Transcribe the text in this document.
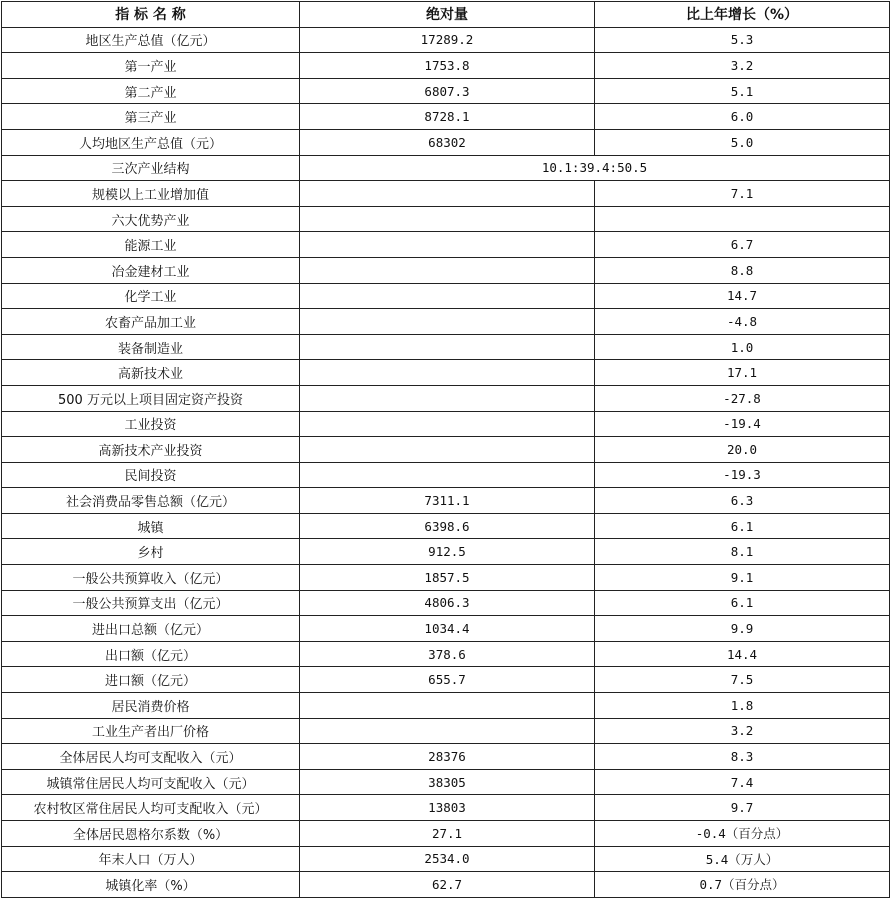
指 标 名 称	绝对量	比上年增长（%）
地区生产总值（亿元）	17289.2	5.3
第一产业	1753.8	3.2
第二产业	6807.3	5.1
第三产业	8728.1	6.0
人均地区生产总值（元）	68302	5.0
三次产业结构	10.1:39.4:50.5	
规模以上工业增加值		7.1
六大优势产业		
能源工业		6.7
冶金建材工业		8.8
化学工业		14.7
农畜产品加工业		-4.8
装备制造业		1.0
高新技术业		17.1
500 万元以上项目固定资产投资		-27.8
工业投资		-19.4
高新技术产业投资		20.0
民间投资		-19.3
社会消费品零售总额（亿元）	7311.1	6.3
城镇	6398.6	6.1
乡村	912.5	8.1
一般公共预算收入（亿元）	1857.5	9.1
一般公共预算支出（亿元）	4806.3	6.1
进出口总额（亿元）	1034.4	9.9
出口额（亿元）	378.6	14.4
进口额（亿元）	655.7	7.5
居民消费价格		1.8
工业生产者出厂价格		3.2
全体居民人均可支配收入（元）	28376	8.3
城镇常住居民人均可支配收入（元）	38305	7.4
农村牧区常住居民人均可支配收入（元）	13803	9.7
全体居民恩格尔系数（%）	27.1	-0.4（百分点）
年末人口（万人）	2534.0	5.4（万人）
城镇化率（%）	62.7	0.7（百分点）
